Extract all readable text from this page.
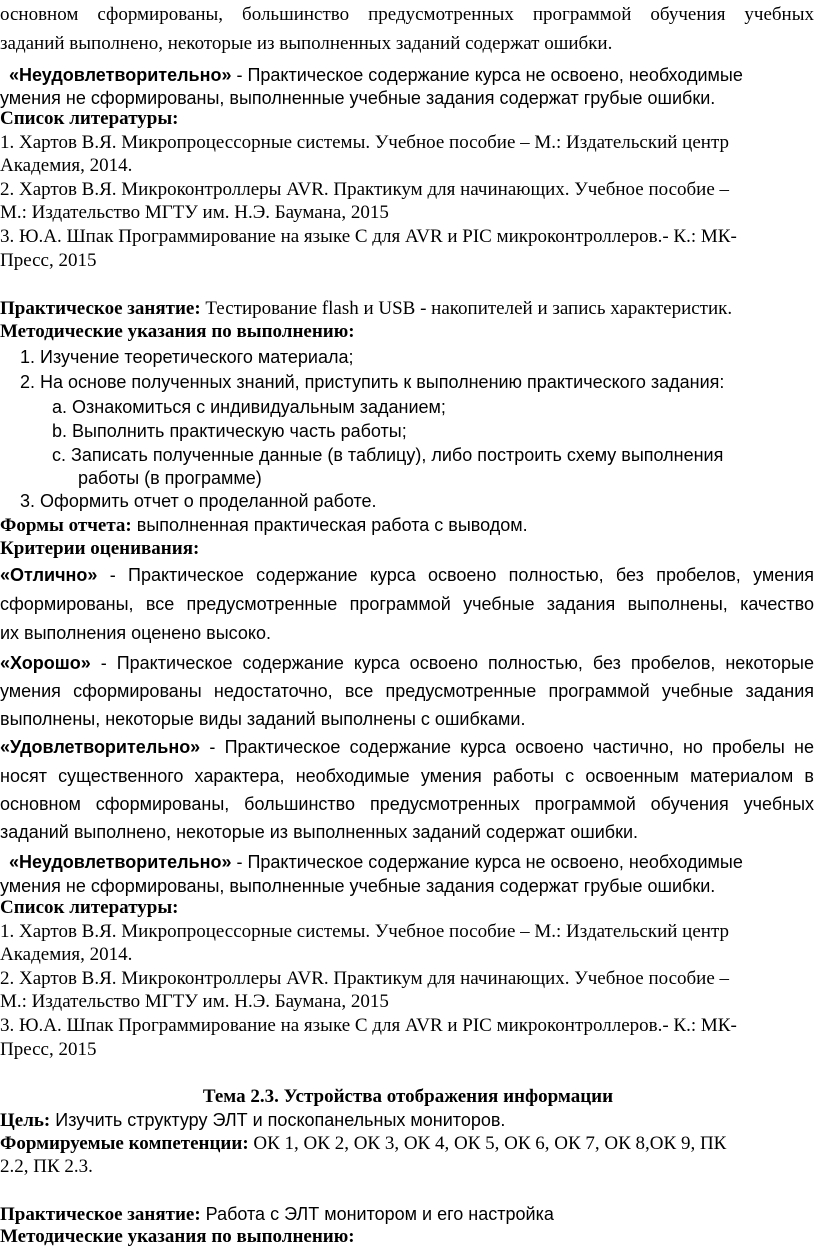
основном сформированы, большинство предусмотренных программой обучения учебных
заданий выполнено, некоторые из выполненных заданий содержат ошибки.
«Неудовлетворительно» - Практическое содержание курса не освоено, необходимые
умения не сформированы, выполненные учебные задания содержат грубые ошибки.
Список литературы:
1. Хартов В.Я. Микропроцессорные системы. Учебное пособие – М.: Издательский центр
Академия, 2014.
2. Хартов В.Я. Микроконтроллеры AVR. Практикум для начинающих. Учебное пособие –
М.: Издательство МГТУ им. Н.Э. Баумана, 2015
3. Ю.А. Шпак Программирование на языке С для AVR и PIC микроконтроллеров.- К.: МК-
Пресс, 2015
Практическое занятие: Тестирование flash и USB - накопителей и запись характеристик.
Методические указания по выполнению:
1. Изучение теоретического материала;
2. На основе полученных знаний, приступить к выполнению практического задания:
a. Ознакомиться с индивидуальным заданием;
b. Выполнить практическую часть работы;
c. Записать полученные данные (в таблицу), либо построить схему выполнения
работы (в программе)
3. Оформить отчет о проделанной работе.
Формы отчета: выполненная практическая работа с выводом.
Критерии оценивания:
«Отлично» - Практическое содержание курса освоено полностью, без пробелов, умения
сформированы, все предусмотренные программой учебные задания выполнены, качество
их выполнения оценено высоко.
«Хорошо» - Практическое содержание курса освоено полностью, без пробелов, некоторые
умения сформированы недостаточно, все предусмотренные программой учебные задания
выполнены, некоторые виды заданий выполнены с ошибками.
«Удовлетворительно» - Практическое содержание курса освоено частично, но пробелы не
носят существенного характера, необходимые умения работы с освоенным материалом в
основном сформированы, большинство предусмотренных программой обучения учебных
заданий выполнено, некоторые из выполненных заданий содержат ошибки.
«Неудовлетворительно» - Практическое содержание курса не освоено, необходимые
умения не сформированы, выполненные учебные задания содержат грубые ошибки.
Список литературы:
1. Хартов В.Я. Микропроцессорные системы. Учебное пособие – М.: Издательский центр
Академия, 2014.
2. Хартов В.Я. Микроконтроллеры AVR. Практикум для начинающих. Учебное пособие –
М.: Издательство МГТУ им. Н.Э. Баумана, 2015
3. Ю.А. Шпак Программирование на языке С для AVR и PIC микроконтроллеров.- К.: МК-
Пресс, 2015
Тема 2.3. Устройства отображения информации
Цель: Изучить структуру ЭЛТ и поскопанельных мониторов.
Формируемые компетенции: ОК 1, ОК 2, ОК 3, ОК 4, ОК 5, ОК 6, ОК 7, ОК 8,ОК 9, ПК
2.2, ПК 2.3.
Практическое занятие: Работа с ЭЛТ монитором и его настройка
Методические указания по выполнению:
